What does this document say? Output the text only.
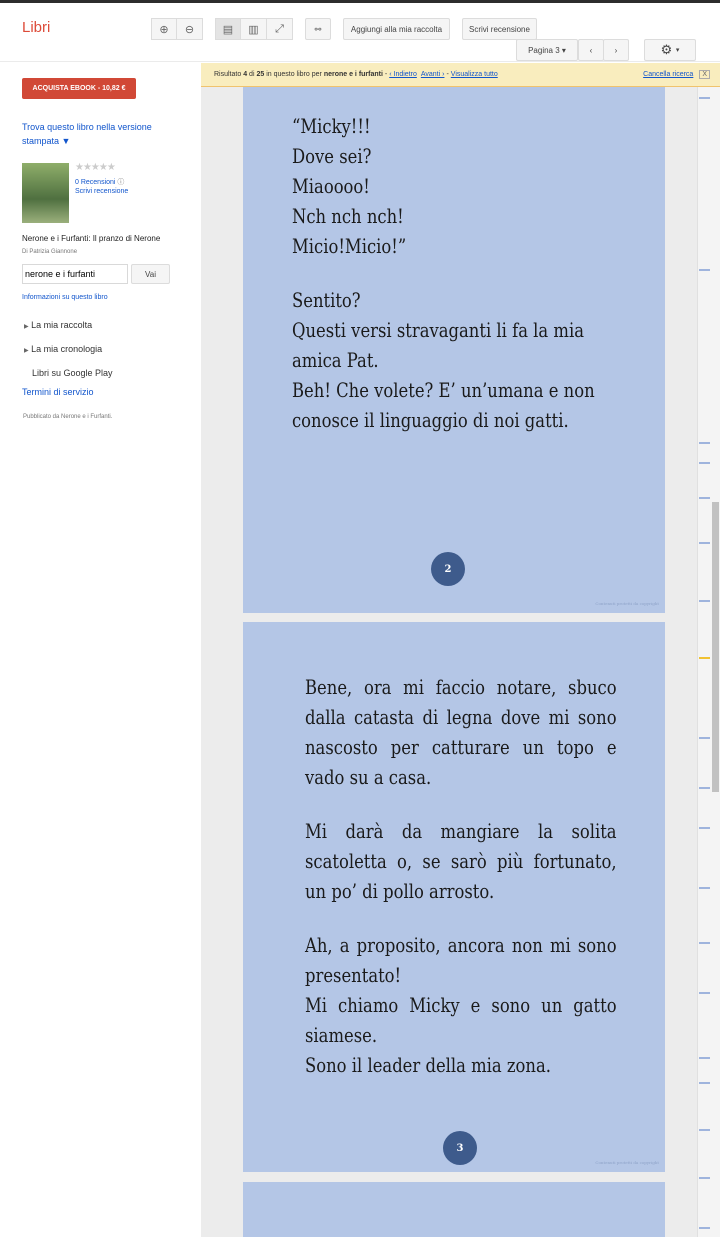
Libri	⊕	⊖	▤	▥	⤢	⚯	Aggiungi alla mia raccolta	Scrivi recensione
Pagina 3 ▾	‹	›	⚙
▾
ACQUISTA EBOOK - 10,82 €
Trova questo libro nella versione stampata ▼
★★★★★
0 Recensioni ⓘ
Scrivi recensione
Nerone e i Furfanti: Il pranzo di Nerone
Di Patrizia Giannone
nerone e i furfanti
Vai
Informazioni su questo libro
▶ La mia raccolta
▶ La mia cronologia
Libri su Google Play
Termini di servizio
Pubblicato da Nerone e i Furfanti.

“Micky!!!

Dove sei?

Miaoooo!

Nch nch nch!

Micio!Micio!”

Sentito?

Questi versi stravaganti li fa la mia amica Pat.

Beh! Che volete? E’ un’umana e non conosce il linguaggio di noi gatti.

2
Contenuti protetti da copyright

Bene, ora mi faccio notare, sbuco dalla catasta di legna dove mi sono nascosto per catturare un topo e vado su a casa.

Mi darà da mangiare la solita scatoletta o, se sarò più fortunato, un po’ di pollo arrosto.

Ah, a proposito, ancora non mi sono presentato!

Mi chiamo Micky e sono un gatto siamese.

Sono il leader della mia zona.

3
Contenuti protetti da copyright
Risultato 4 di 25 in questo libro per nerone e i furfanti - ‹ Indietro Avanti › - Visualizza tutto	Cancella ricerca	X
